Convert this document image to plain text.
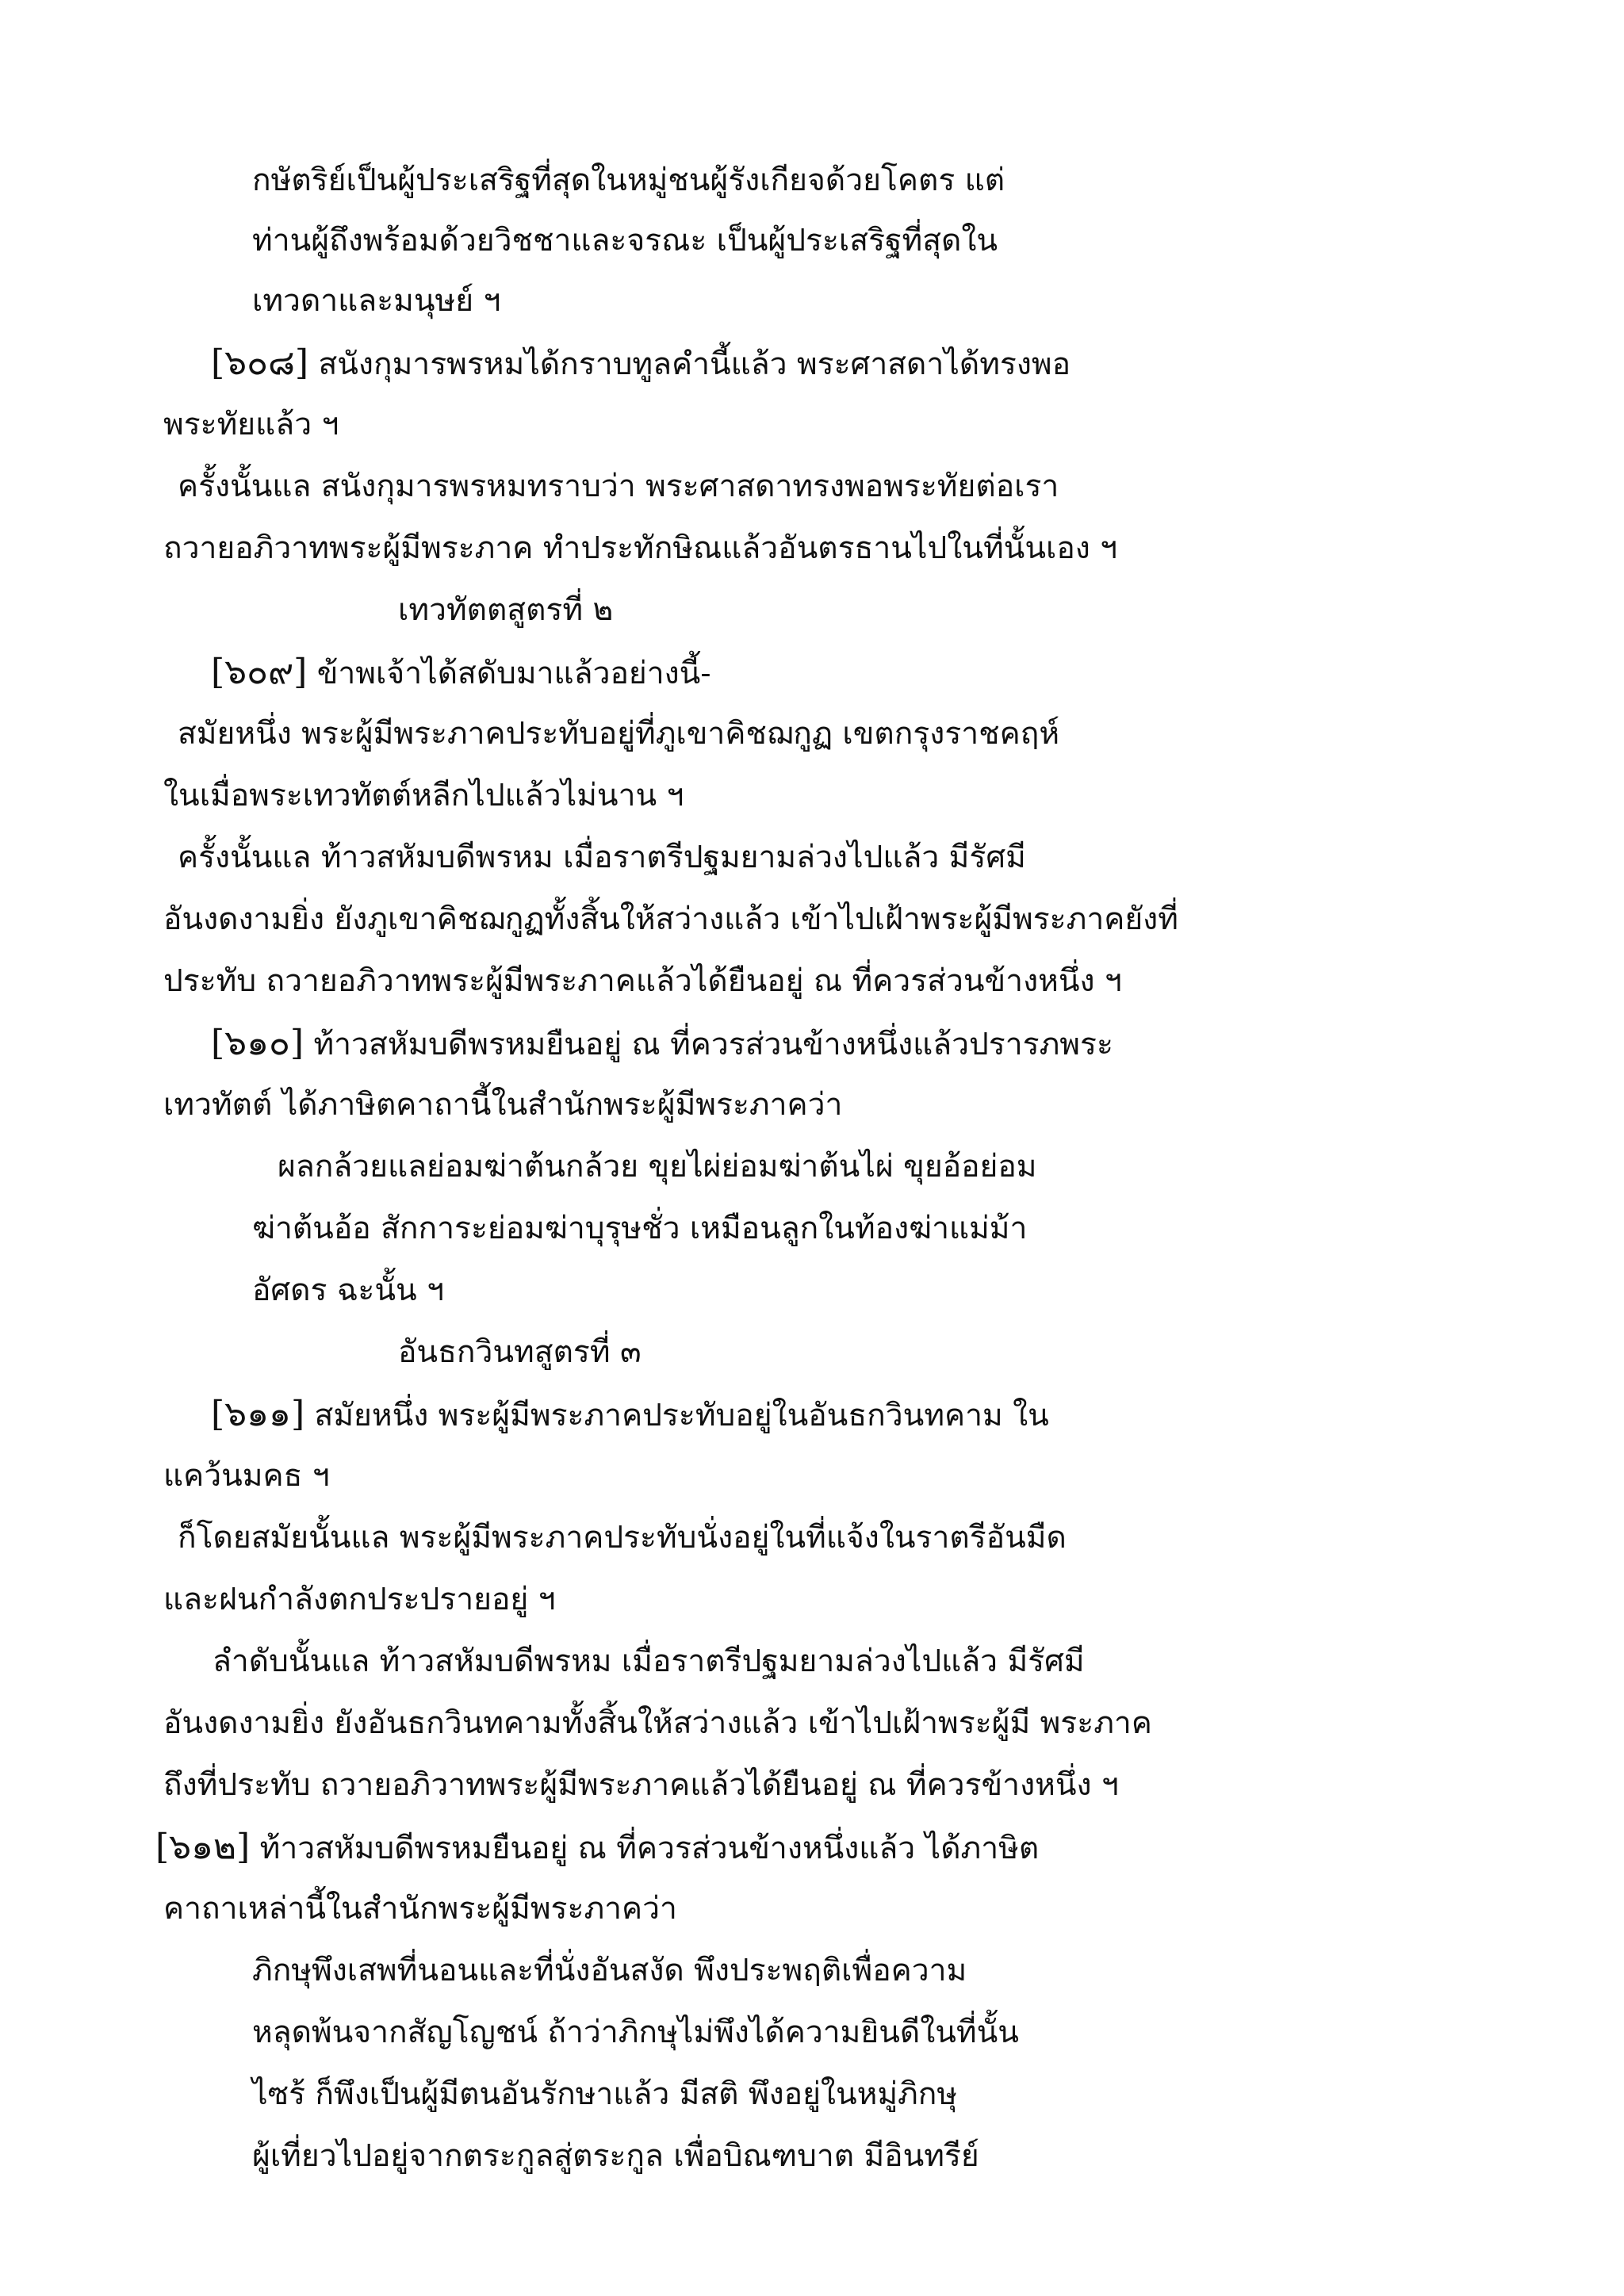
กษัตริย์เป็นผู้ประเสริฐที่สุดในหมู่ชนผู้รังเกียจด้วยโคตร แต่
ท่านผู้ถึงพร้อมด้วยวิชชาและจรณะ เป็นผู้ประเสริฐที่สุดใน
เทวดาและมนุษย์ ฯ
[๖๐๘] สนังกุมารพรหมได้กราบทูลคำนี้แล้ว พระศาสดาได้ทรงพอ
พระทัยแล้ว ฯ
ครั้งนั้นแล สนังกุมารพรหมทราบว่า พระศาสดาทรงพอพระทัยต่อเรา
ถวายอภิวาทพระผู้มีพระภาค ทำประทักษิณแล้วอันตรธานไปในที่นั้นเอง ฯ
เทวทัตตสูตรที่ ๒
[๖๐๙] ข้าพเจ้าได้สดับมาแล้วอย่างนี้-
สมัยหนึ่ง พระผู้มีพระภาคประทับอยู่ที่ภูเขาคิชฌกูฏ เขตกรุงราชคฤห์
ในเมื่อพระเทวทัตต์หลีกไปแล้วไม่นาน ฯ
ครั้งนั้นแล ท้าวสหัมบดีพรหม เมื่อราตรีปฐมยามล่วงไปแล้ว มีรัศมี
อันงดงามยิ่ง ยังภูเขาคิชฌกูฏทั้งสิ้นให้สว่างแล้ว เข้าไปเฝ้าพระผู้มีพระภาคยังที่
ประทับ ถวายอภิวาทพระผู้มีพระภาคแล้วได้ยืนอยู่ ณ ที่ควรส่วนข้างหนึ่ง ฯ
[๖๑๐] ท้าวสหัมบดีพรหมยืนอยู่ ณ ที่ควรส่วนข้างหนึ่งแล้วปรารภพระ
เทวทัตต์ ได้ภาษิตคาถานี้ในสำนักพระผู้มีพระภาคว่า
ผลกล้วยแลย่อมฆ่าต้นกล้วย ขุยไผ่ย่อมฆ่าต้นไผ่ ขุยอ้อย่อม
ฆ่าต้นอ้อ สักการะย่อมฆ่าบุรุษชั่ว เหมือนลูกในท้องฆ่าแม่ม้า
อัศดร ฉะนั้น ฯ
อันธกวินทสูตรที่ ๓
[๖๑๑] สมัยหนึ่ง พระผู้มีพระภาคประทับอยู่ในอันธกวินทคาม ใน
แคว้นมคธ ฯ
ก็โดยสมัยนั้นแล พระผู้มีพระภาคประทับนั่งอยู่ในที่แจ้งในราตรีอันมืด
และฝนกำลังตกประปรายอยู่ ฯ
ลำดับนั้นแล ท้าวสหัมบดีพรหม เมื่อราตรีปฐมยามล่วงไปแล้ว มีรัศมี
อันงดงามยิ่ง ยังอันธกวินทคามทั้งสิ้นให้สว่างแล้ว เข้าไปเฝ้าพระผู้มี พระภาค
ถึงที่ประทับ ถวายอภิวาทพระผู้มีพระภาคแล้วได้ยืนอยู่ ณ ที่ควรข้างหนึ่ง ฯ
[๖๑๒] ท้าวสหัมบดีพรหมยืนอยู่ ณ ที่ควรส่วนข้างหนึ่งแล้ว ได้ภาษิต
คาถาเหล่านี้ในสำนักพระผู้มีพระภาคว่า
ภิกษุพึงเสพที่นอนและที่นั่งอันสงัด พึงประพฤติเพื่อความ
หลุดพ้นจากสัญโญชน์ ถ้าว่าภิกษุไม่พึงได้ความยินดีในที่นั้น
ไซร้ ก็พึงเป็นผู้มีตนอันรักษาแล้ว มีสติ พึงอยู่ในหมู่ภิกษุ
ผู้เที่ยวไปอยู่จากตระกูลสู่ตระกูล เพื่อบิณฑบาต มีอินทรีย์
